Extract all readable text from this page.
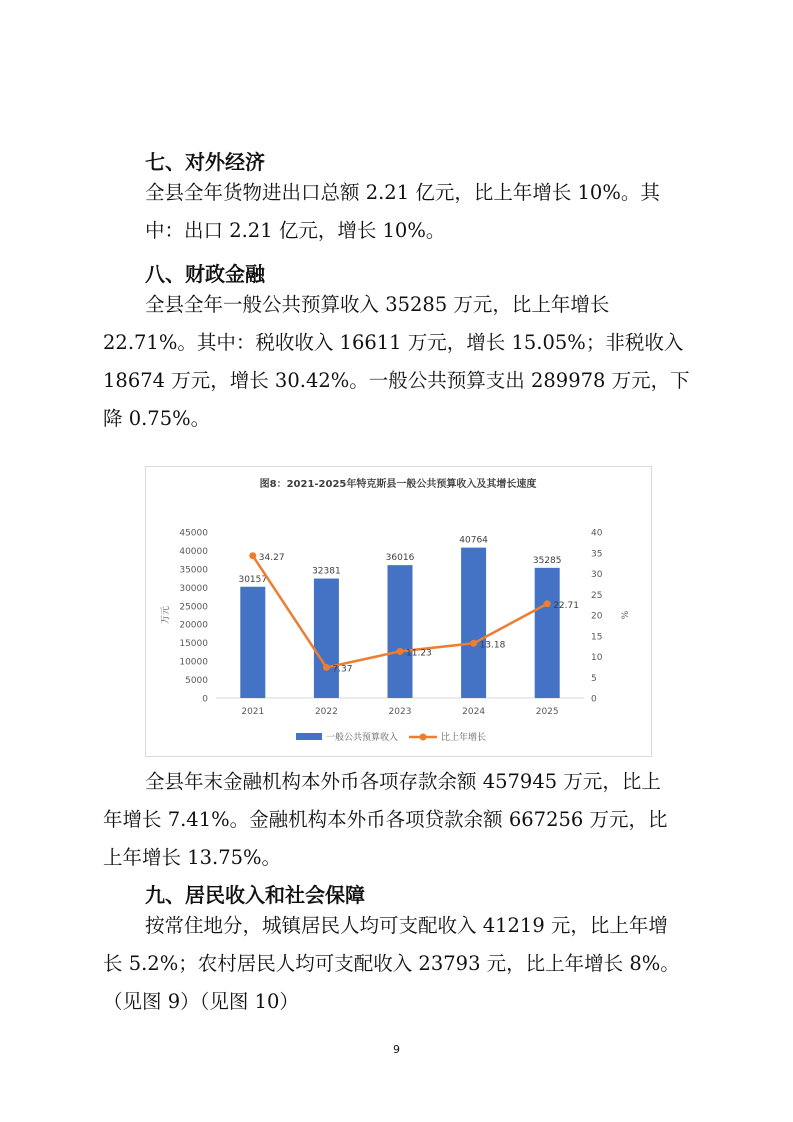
七、对外经济
全县全年货物进出口总额 2.21 亿元，比上年增长 10%。其
中：出口 2.21 亿元，增长 10%。
八、财政金融
全县全年一般公共预算收入 35285 万元，比上年增长
22.71%。其中：税收收入 16611 万元，增长 15.05%；非税收入
18674 万元，增长 30.42%。一般公共预算支出 289978 万元，下
降 0.75%。
图8：2021-2025年特克斯县一般公共预算收入及其增长速度
0
5000
10000
15000
20000
25000
30000
35000
40000
45000
0
5
10
15
20
25
30
35
40
万元	%
30157
32381
36016
40764
35285
2021	2022	2023	2024	2025
34.27
7.37
11.23
13.18
22.71
一般公共预算收入	比上年增长
全县年末金融机构本外币各项存款余额 457945 万元，比上
年增长 7.41%。金融机构本外币各项贷款余额 667256 万元，比
上年增长 13.75%。
九、居民收入和社会保障
按常住地分，城镇居民人均可支配收入 41219 元，比上年增
长 5.2%；农村居民人均可支配收入 23793 元，比上年增长 8%。
（见图 9）（见图 10）
9
